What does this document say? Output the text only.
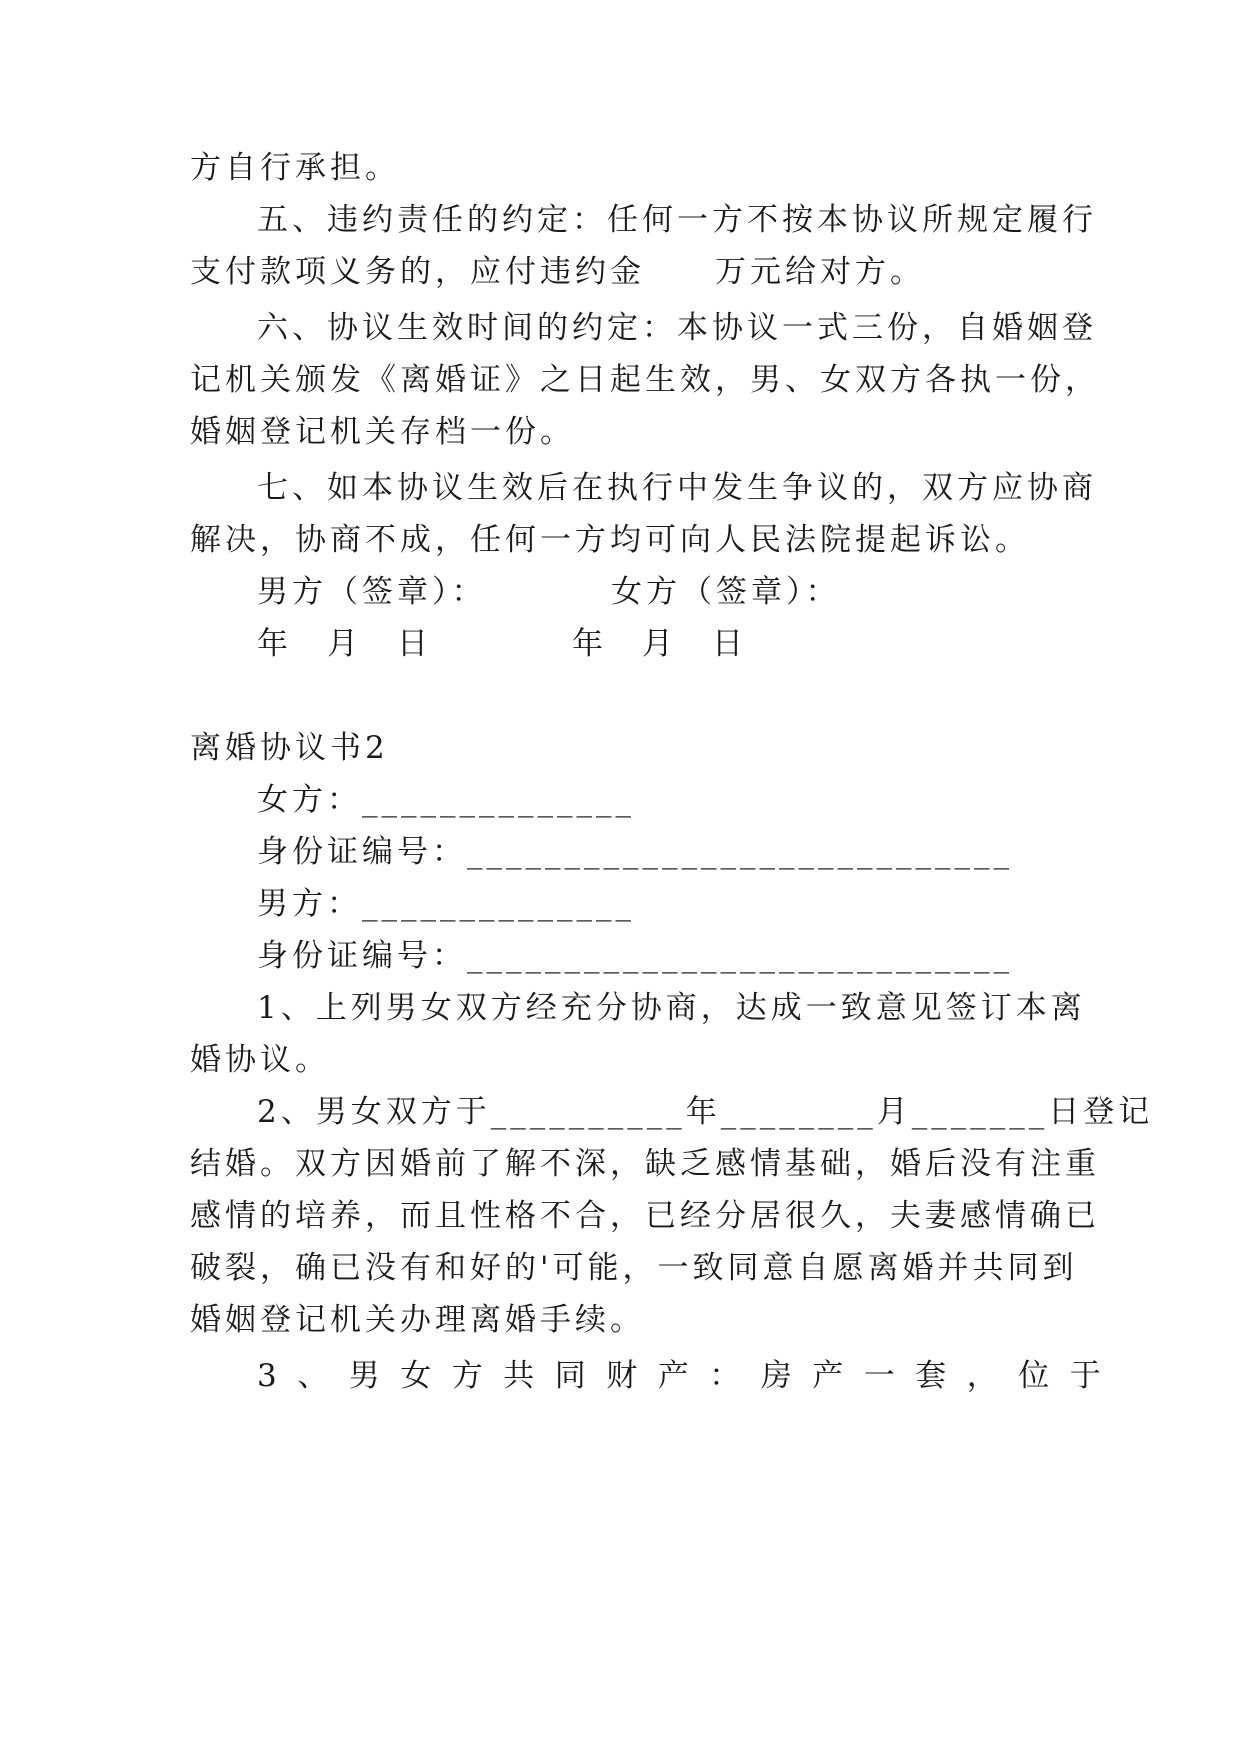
方自行承担。
五、违约责任的约定：任何一方不按本协议所规定履行
支付款项义务的，应付违约金　　万元给对方。
六、协议生效时间的约定：本协议一式三份，自婚姻登
记机关颁发《离婚证》之日起生效，男、女双方各执一份，
婚姻登记机关存档一份。
七、如本协议生效后在执行中发生争议的，双方应协商
解决，协商不成，任何一方均可向人民法院提起诉讼。
男方（签章）：　　　　女方（签章）：
年　月　日　　　　年　月　日
离婚协议书2
女方：______________
身份证编号：____________________________
男方：______________
身份证编号：____________________________
1、上列男女双方经充分协商，达成一致意见签订本离
婚协议。
2、男女双方于__________年________月_______日登记
结婚。双方因婚前了解不深，缺乏感情基础，婚后没有注重
感情的培养，而且性格不合，已经分居很久，夫妻感情确已
破裂，确已没有和好的'可能，一致同意自愿离婚并共同到
婚姻登记机关办理离婚手续。
3、男女方共同财产：房产一套，位于
